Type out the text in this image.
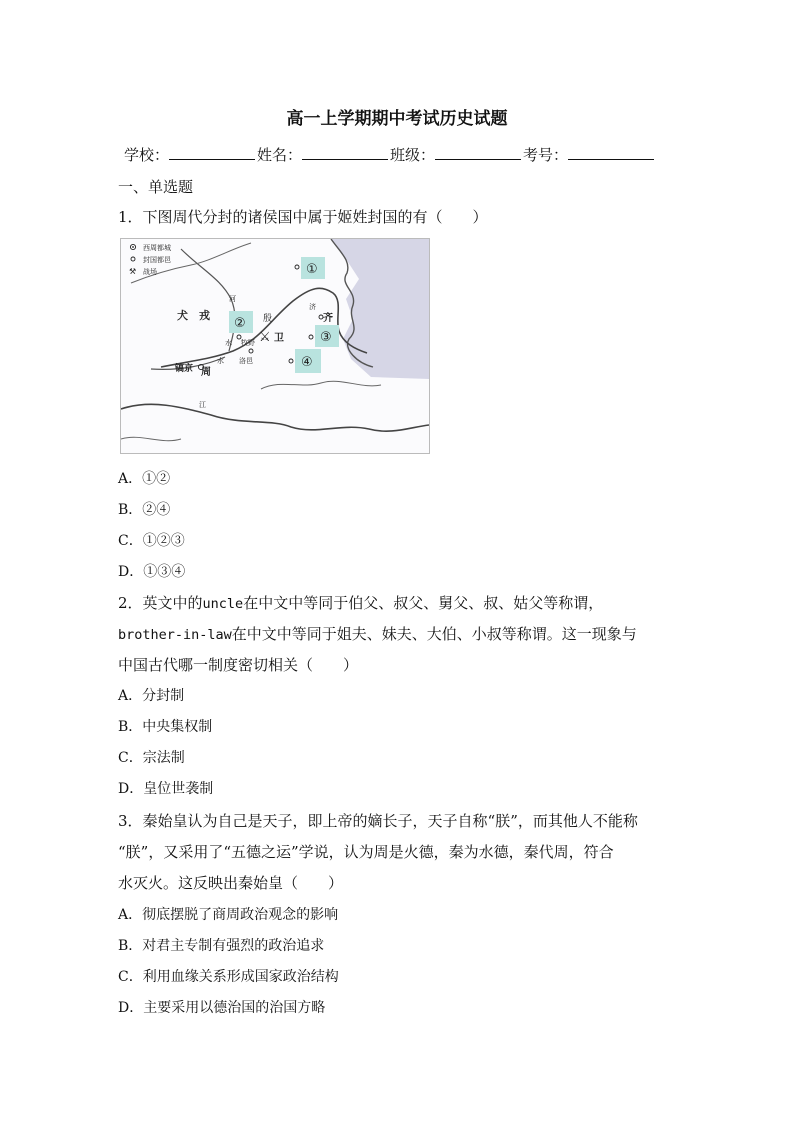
高一上学期期中考试历史试题
学校：	姓名：	班级：	考号：
一、单选题
1．下图周代分封的诸侯国中属于姬姓封国的有（　　）
西周都城
封国都邑
⚒ 战场	①
②
③
④
犬　戎	殷
⚔ 卫
齐
牧野
洛邑
镐京 周
河
济
水
水
江
A．①②
B．②④
C．①②③
D．①③④
2．英文中的uncle在中文中等同于伯父、叔父、舅父、叔、姑父等称谓，
brother-in-law在中文中等同于姐夫、妹夫、大伯、小叔等称谓。这一现象与
中国古代哪一制度密切相关（　　）
A．分封制
B．中央集权制
C．宗法制
D．皇位世袭制
3．秦始皇认为自己是天子，即上帝的嫡长子，天子自称“朕”，而其他人不能称
“朕”，又采用了“五德之运”学说，认为周是火德，秦为水德，秦代周，符合
水灭火。这反映出秦始皇（　　）
A．彻底摆脱了商周政治观念的影响
B．对君主专制有强烈的政治追求
C．利用血缘关系形成国家政治结构
D．主要采用以德治国的治国方略
